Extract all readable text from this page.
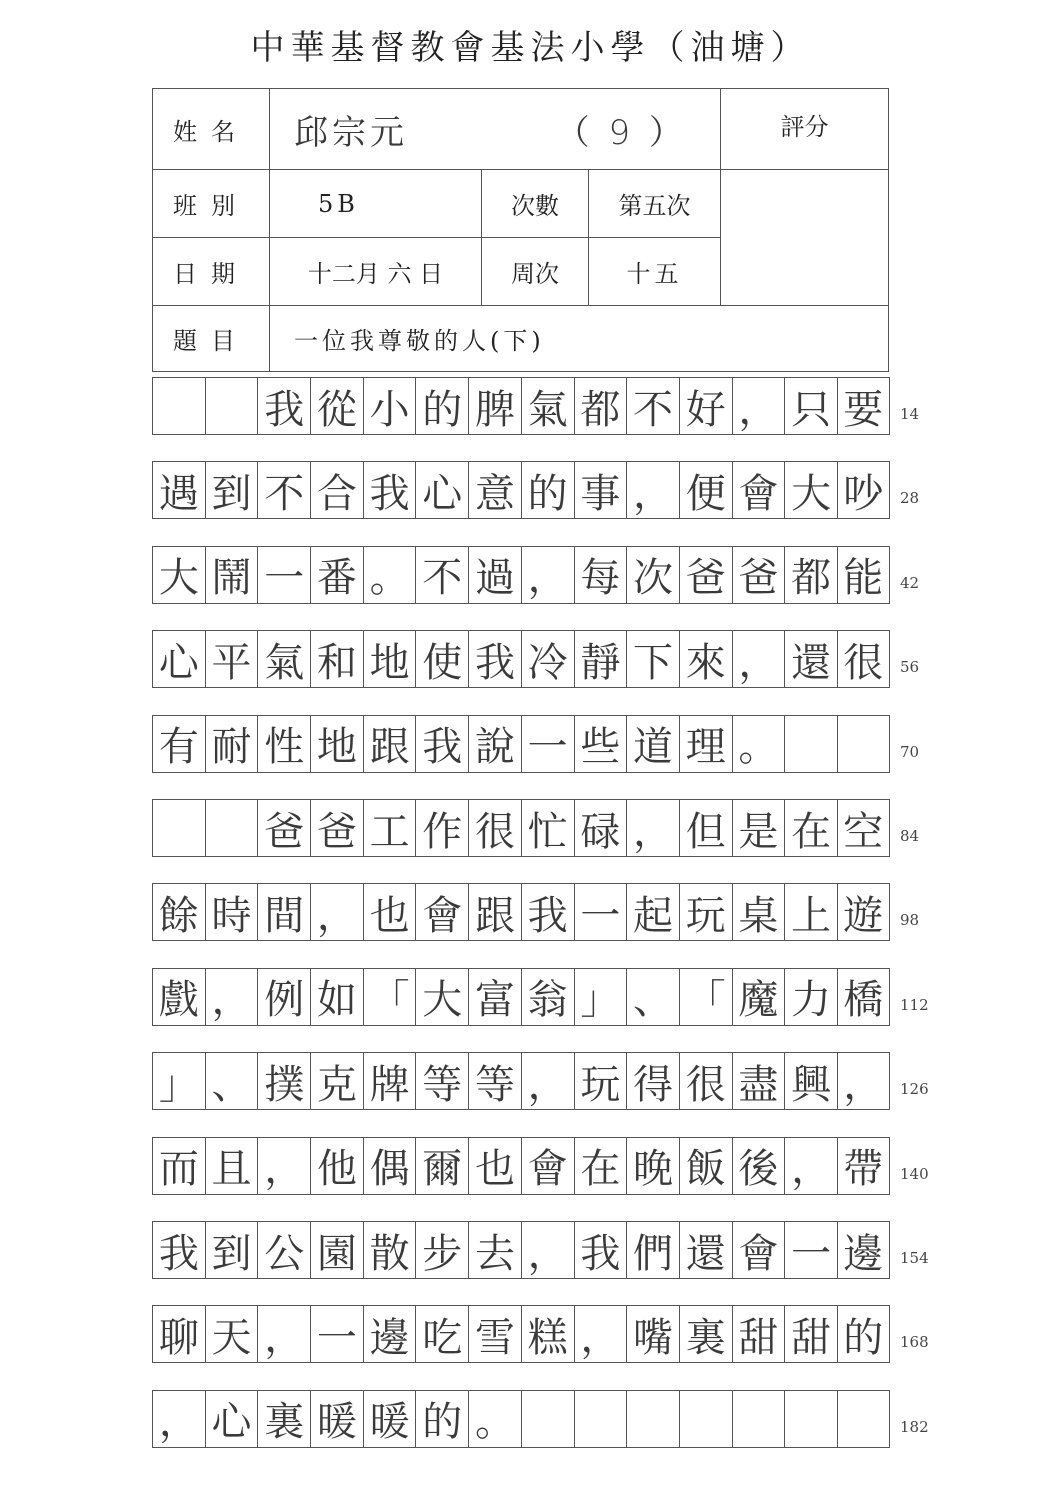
中華基督教會基法小學（油塘）
姓名	邱宗元 （ 9 ）			評分
班別	5B	次數	第五次	
日期	十二月 六 日	周次	十五	
題目	一位我尊敬的人(下)			
我 從 小 的 脾 氣 都 不 好 ， 只 要	14
遇 到 不 合 我 心 意 的 事 ， 便 會 大 吵	28
大 鬧 一 番 。 不 過 ， 每 次 爸 爸 都 能	42
心 平 氣 和 地 使 我 冷 靜 下 來 ， 還 很	56
有 耐 性 地 跟 我 說 一 些 道 理 。	70
爸 爸 工 作 很 忙 碌 ， 但 是 在 空	84
餘 時 間 ， 也 會 跟 我 一 起 玩 桌 上 遊	98
戲 ， 例 如 「 大 富 翁 」 、 「 魔 力 橋	112
」 、 撲 克 牌 等 等 ， 玩 得 很 盡 興 ，	126
而 且 ， 他 偶 爾 也 會 在 晚 飯 後 ， 帶	140
我 到 公 園 散 步 去 ， 我 們 還 會 一 邊	154
聊 天 ， 一 邊 吃 雪 糕 ， 嘴 裏 甜 甜 的	168
， 心 裏 暖 暖 的 。	182
